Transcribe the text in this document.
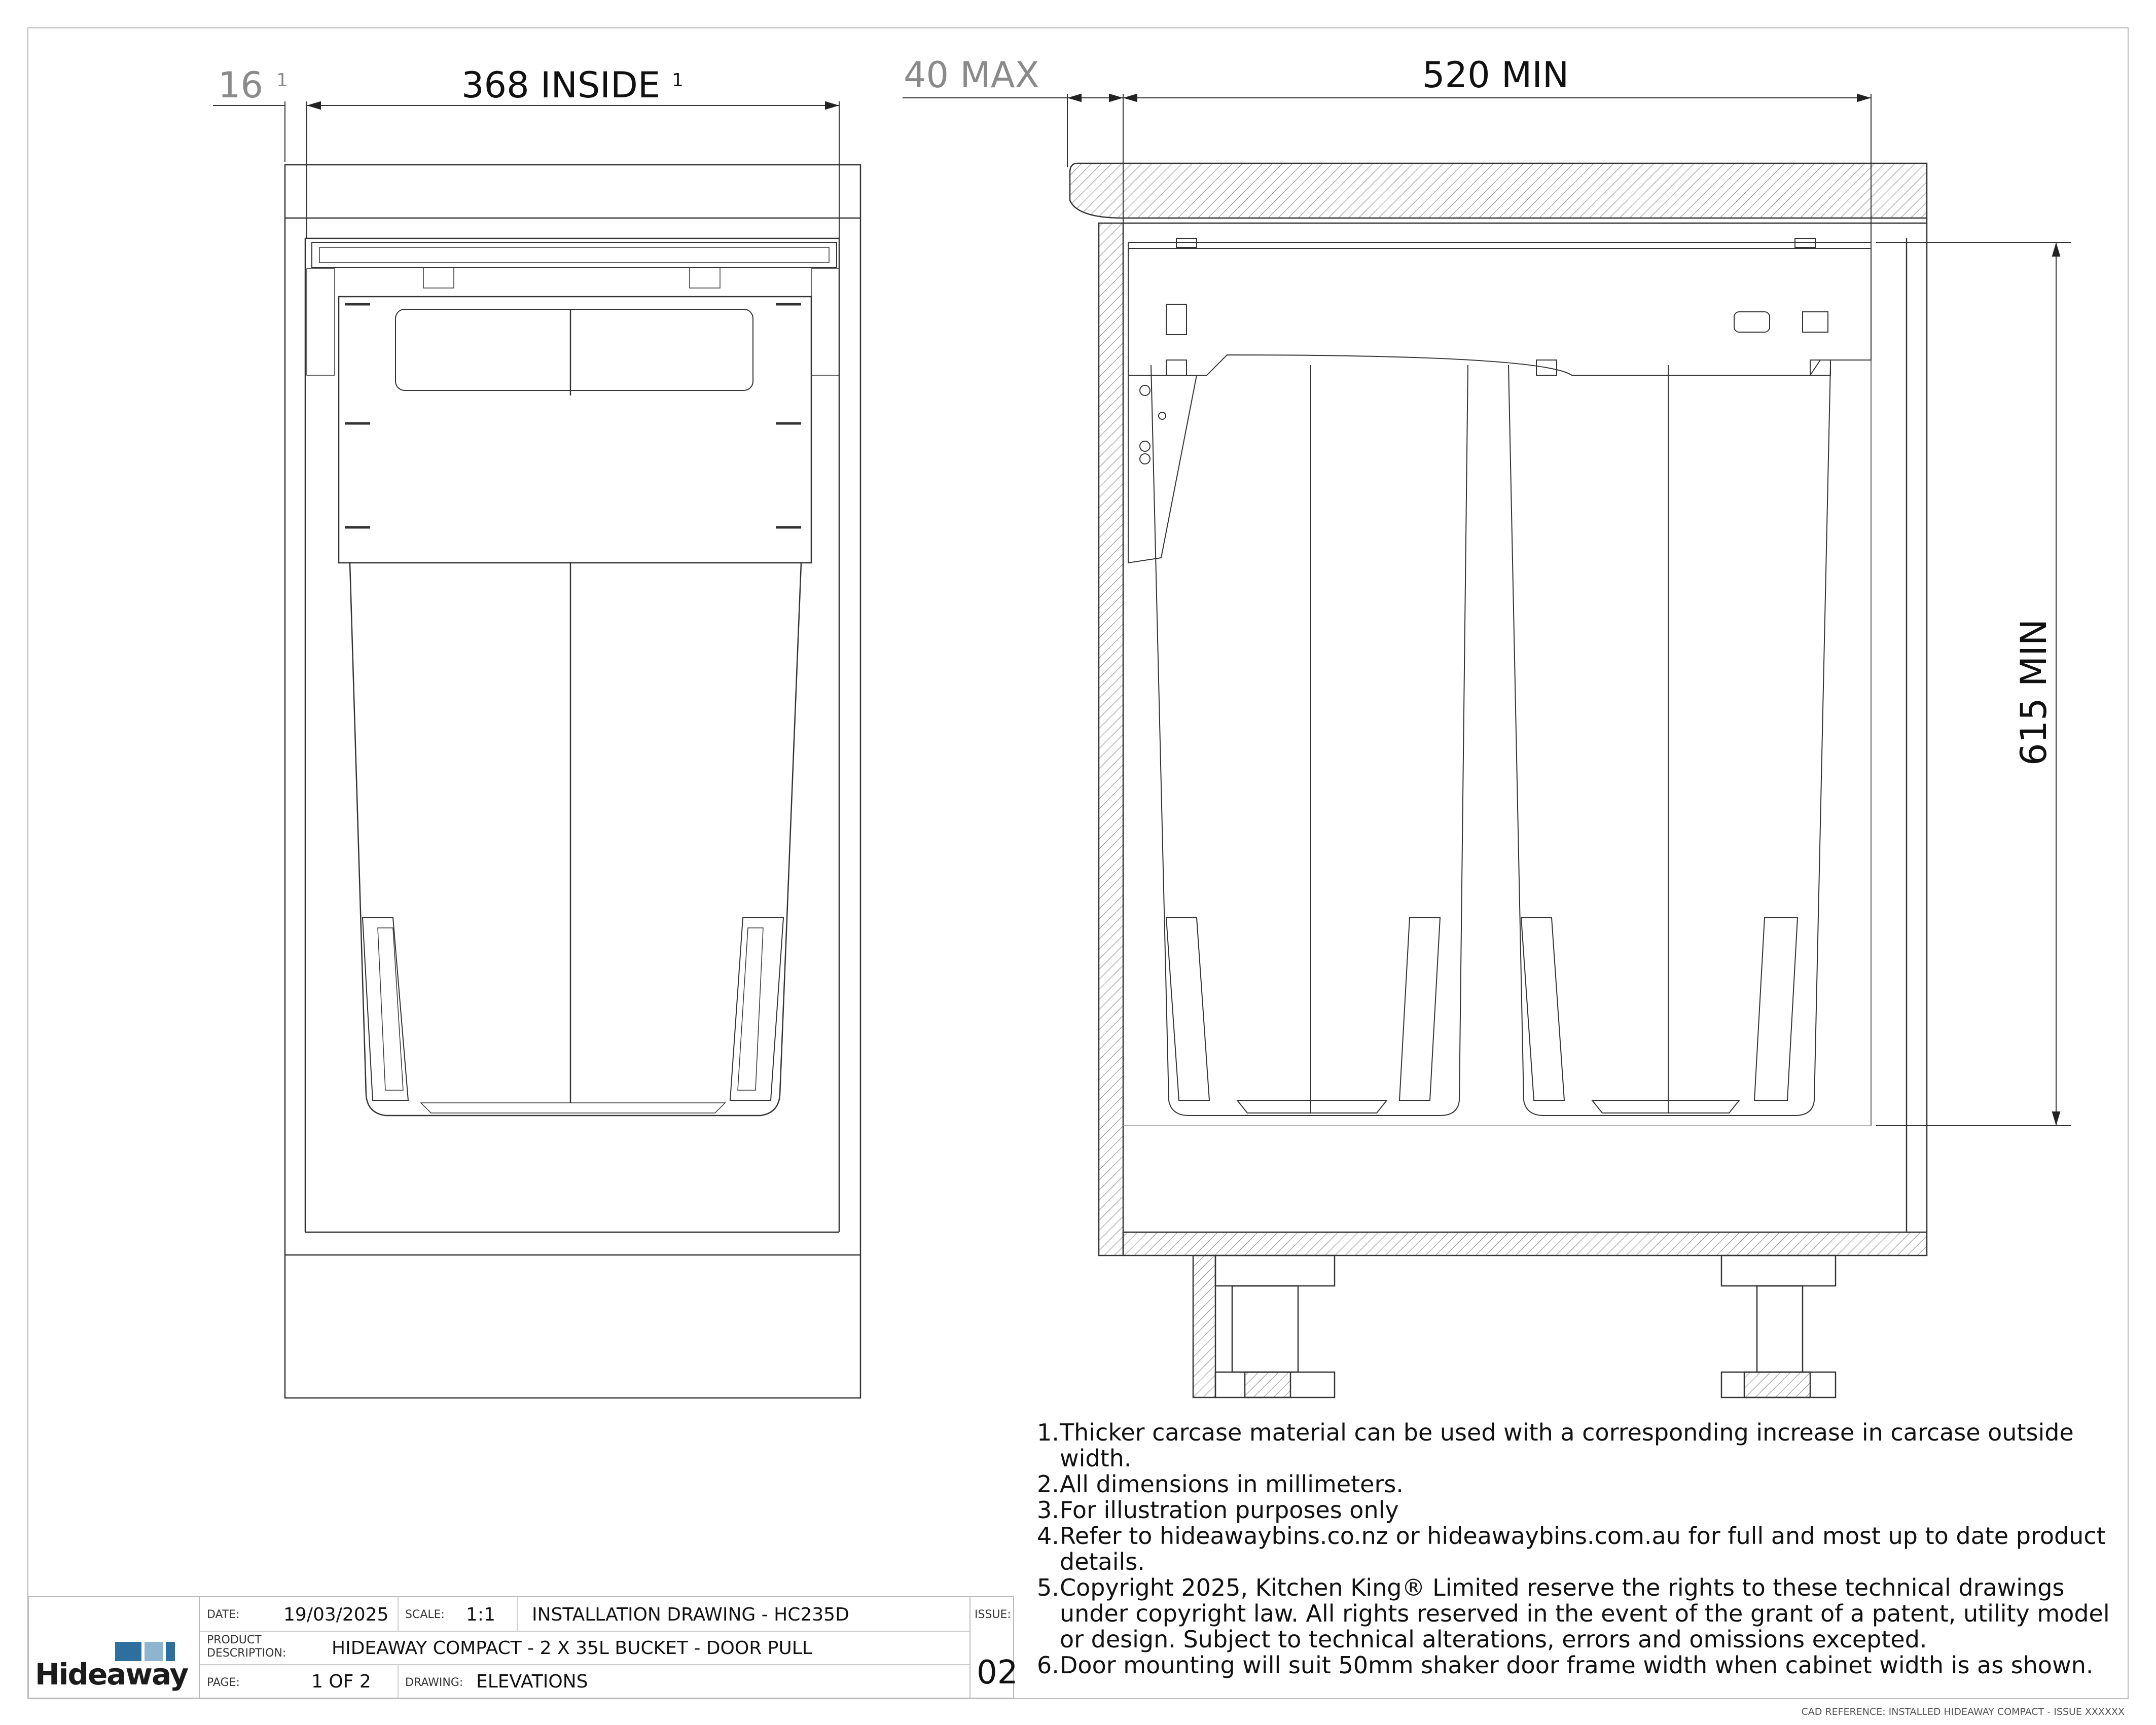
16 1	368 INSIDE 1	40 MAX	520 MIN
615 MIN
1. Thicker carcase material can be used with a corresponding increase in carcase outside width.
2. All dimensions in millimeters.
3. For illustration purposes only
4. Refer to hideawaybins.co.nz or hideawaybins.com.au for full and most up to date product details.
5. Copyright 2025, Kitchen King® Limited reserve the rights to these technical drawings under copyright law. All rights reserved in the event of the grant of a patent, utility model or design. Subject to technical alterations, errors and omissions excepted.
6. Door mounting will suit 50mm shaker door frame width when cabinet width is as shown.
Hideaway
DATE: 19/03/2025 SCALE: 1:1 INSTALLATION DRAWING - HC235D
PRODUCT
DESCRIPTION: HIDEAWAY COMPACT - 2 X 35L BUCKET - DOOR PULL
PAGE:	1 OF 2	DRAWING: ELEVATIONS
ISSUE:
02
CAD REFERENCE: INSTALLED HIDEAWAY COMPACT - ISSUE XXXXXX
